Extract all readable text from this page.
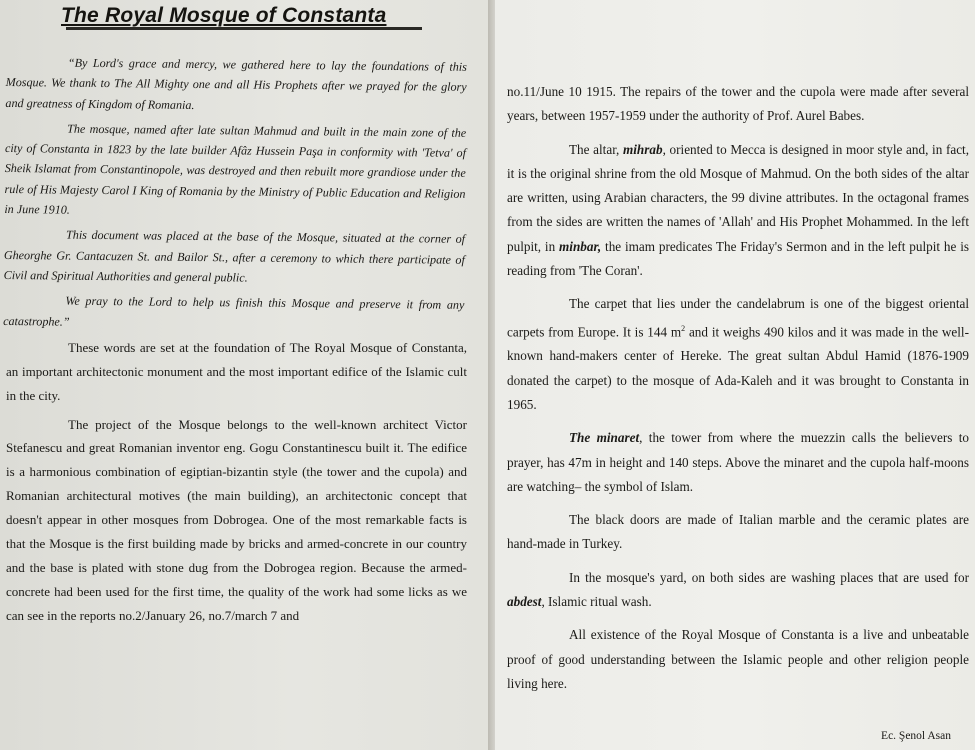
The Royal Mosque of Constanta

“By Lord's grace and mercy, we gathered here to lay the foundations of this Mosque. We thank to The All Mighty one and all His Prophets after we prayed for the glory and greatness of Kingdom of Romania.

The mosque, named after late sultan Mahmud and built in the main zone of the city of Constanta in 1823 by the late builder Afâz Hussein Paşa in conformity with 'Tetva' of Sheik Islamat from Constantinopole, was destroyed and then rebuilt more grandiose under the rule of His Majesty Carol I King of Romania by the Ministry of Public Education and Religion in June 1910.

This document was placed at the base of the Mosque, situated at the corner of Gheorghe Gr. Cantacuzen St. and Bailor St., after a ceremony to which there participate of Civil and Spiritual Authorities and general public.

We pray to the Lord to help us finish this Mosque and preserve it from any catastrophe.”

These words are set at the foundation of The Royal Mosque of Constanta, an important architectonic monument and the most important edifice of the Islamic cult in the city.

The project of the Mosque belongs to the well-known architect Victor Stefanescu and great Romanian inventor eng. Gogu Constantinescu built it. The edifice is a harmonious combination of egiptian-bizantin style (the tower and the cupola) and Romanian architectural motives (the main building), an architectonic concept that doesn't appear in other mosques from Dobrogea. One of the most remarkable facts is that the Mosque is the first building made by bricks and armed-concrete in our country and the base is plated with stone dug from the Dobrogea region. Because the armed-concrete had been used for the first time, the quality of the work had some licks as we can see in the reports no.2/January 26, no.7/march 7 and

no.11/June 10 1915. The repairs of the tower and the cupola were made after several years, between 1957-1959 under the authority of Prof. Aurel Babes.

The altar, mihrab, oriented to Mecca is designed in moor style and, in fact, it is the original shrine from the old Mosque of Mahmud. On the both sides of the altar are written, using Arabian characters, the 99 divine attributes. In the octagonal frames from the sides are written the names of 'Allah' and His Prophet Mohammed. In the left pulpit, in minbar, the imam predicates The Friday's Sermon and in the left pulpit he is reading from 'The Coran'.

The carpet that lies under the candelabrum is one of the biggest oriental carpets from Europe. It is 144 $m^2$ and it weighs 490 kilos and it was made in the well-known hand-makers center of Hereke. The great sultan Abdul Hamid (1876-1909 donated the carpet) to the mosque of Ada-Kaleh and it was brought to Constanta in 1965.

The minaret, the tower from where the muezzin calls the believers to prayer, has 47m in height and 140 steps. Above the minaret and the cupola half-moons are watching– the symbol of Islam.

The black doors are made of Italian marble and the ceramic plates are hand-made in Turkey.

In the mosque's yard, on both sides are washing places that are used for abdest, Islamic ritual wash.

All existence of the Royal Mosque of Constanta is a live and unbeatable proof of good understanding between the Islamic people and other religion people living here.

Ec. Şenol Asan
